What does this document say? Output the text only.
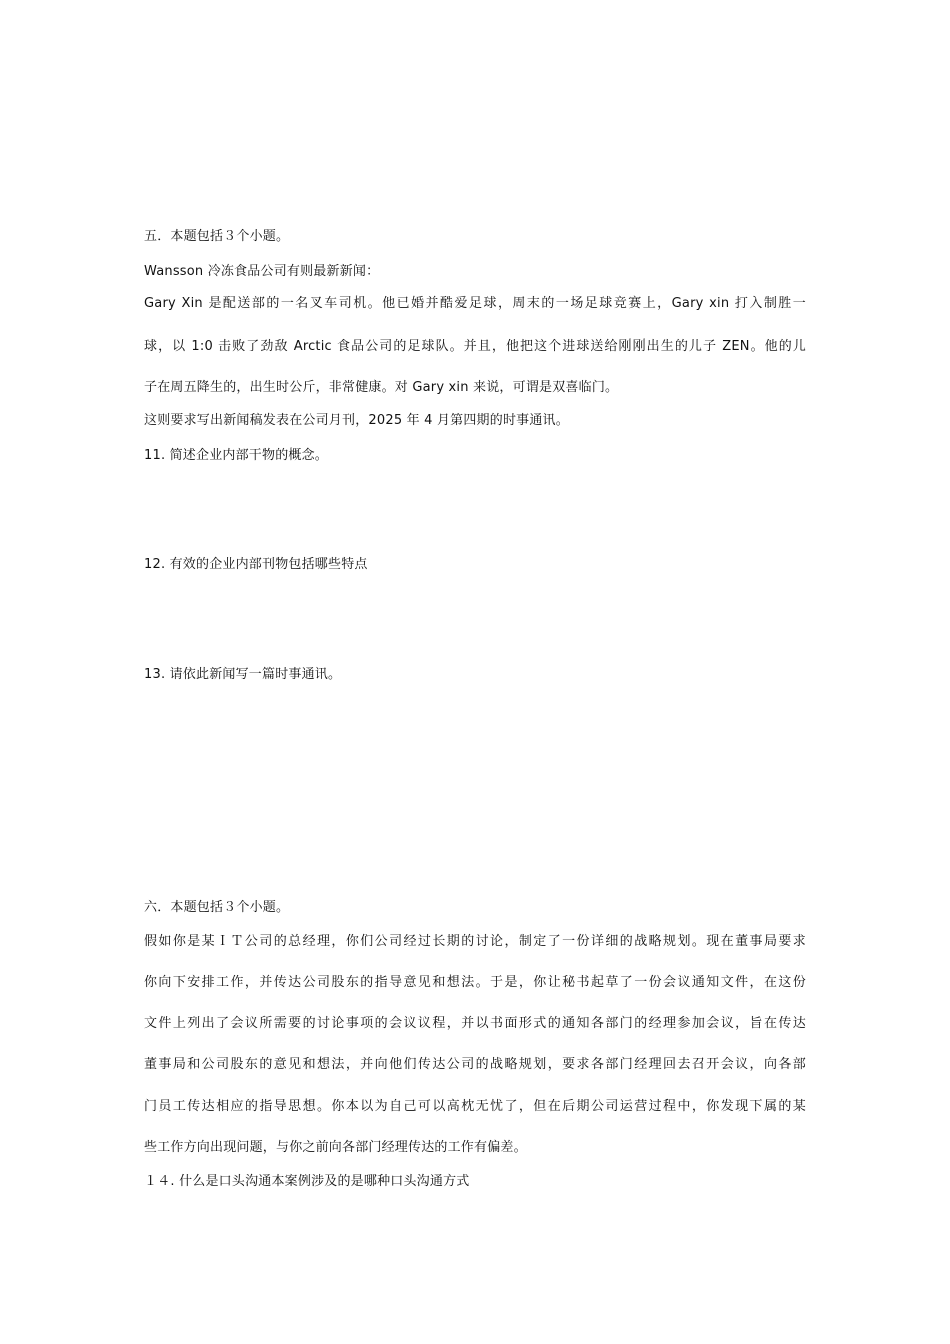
五．本题包括３个小题。
Wansson 冷冻食品公司有则最新新闻：
Gary Xin 是配送部的一名叉车司机。他已婚并酷爱足球，周末的一场足球竞赛上，Gary xin 打入制胜一
球，以 1:0 击败了劲敌 Arctic 食品公司的足球队。并且，他把这个进球送给刚刚出生的儿子 ZEN。他的儿
子在周五降生的，出生时公斤，非常健康。对 Gary xin 来说，可谓是双喜临门。
这则要求写出新闻稿发表在公司月刊，2025 年 4 月第四期的时事通讯。
11. 简述企业内部干物的概念。
12. 有效的企业内部刊物包括哪些特点
13. 请依此新闻写一篇时事通讯。
六．本题包括３个小题。
假如你是某ＩＴ公司的总经理，你们公司经过长期的讨论，制定了一份详细的战略规划。现在董事局要求
你向下安排工作，并传达公司股东的指导意见和想法。于是，你让秘书起草了一份会议通知文件，在这份
文件上列出了会议所需要的讨论事项的会议议程，并以书面形式的通知各部门的经理参加会议，旨在传达
董事局和公司股东的意见和想法，并向他们传达公司的战略规划，要求各部门经理回去召开会议，向各部
门员工传达相应的指导思想。你本以为自己可以高枕无忧了，但在后期公司运营过程中，你发现下属的某
些工作方向出现问题，与你之前向各部门经理传达的工作有偏差。
１４. 什么是口头沟通本案例涉及的是哪种口头沟通方式
